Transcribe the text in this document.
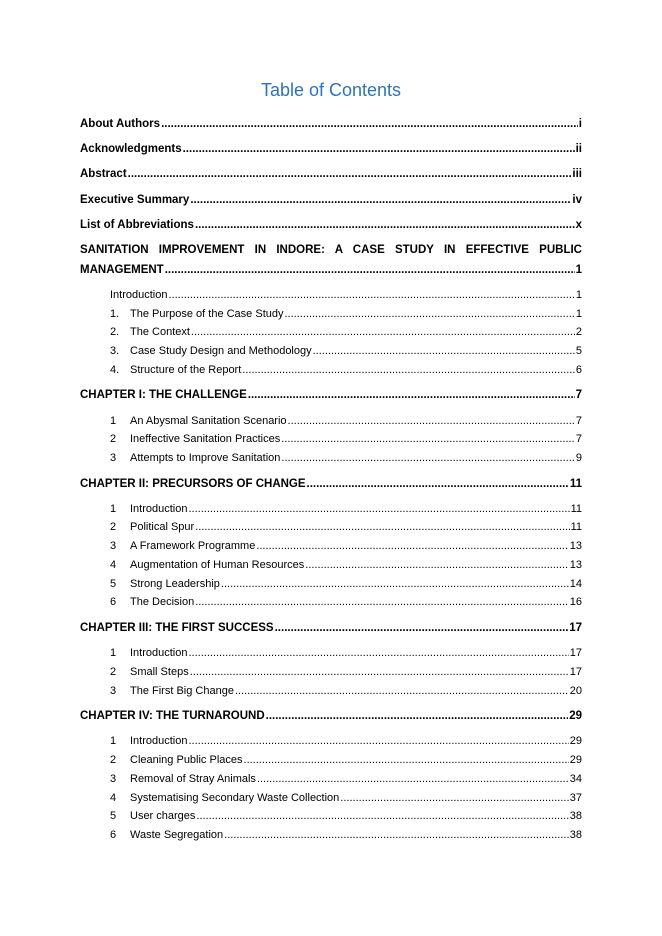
Table of Contents
About Authors .....	i
Acknowledgments .....	ii
Abstract .....	iii
Executive Summary .....	iv
List of Abbreviations .....	x
SANITATION IMPROVEMENT IN INDORE: A CASE STUDY IN EFFECTIVE PUBLIC
MANAGEMENT .....	1
Introduction .....	1
1. The Purpose of the Case Study .....	1
2. The Context .....	2
3. Case Study Design and Methodology .....	5
4. Structure of the Report .....	6
CHAPTER I: THE CHALLENGE .....	7
1 An Abysmal Sanitation Scenario .....	7
2 Ineffective Sanitation Practices .....	7
3 Attempts to Improve Sanitation .....	9
CHAPTER II: PRECURSORS OF CHANGE .....	11
1 Introduction .....	11
2 Political Spur .....	11
3 A Framework Programme .....	13
4 Augmentation of Human Resources .....	13
5 Strong Leadership .....	14
6 The Decision .....	16
CHAPTER III: THE FIRST SUCCESS .....	17
1 Introduction .....	17
2 Small Steps .....	17
3 The First Big Change .....	20
CHAPTER IV: THE TURNAROUND .....	29
1 Introduction .....	29
2 Cleaning Public Places .....	29
3 Removal of Stray Animals .....	34
4 Systematising Secondary Waste Collection .....	37
5 User charges .....	38
6 Waste Segregation .....	38
